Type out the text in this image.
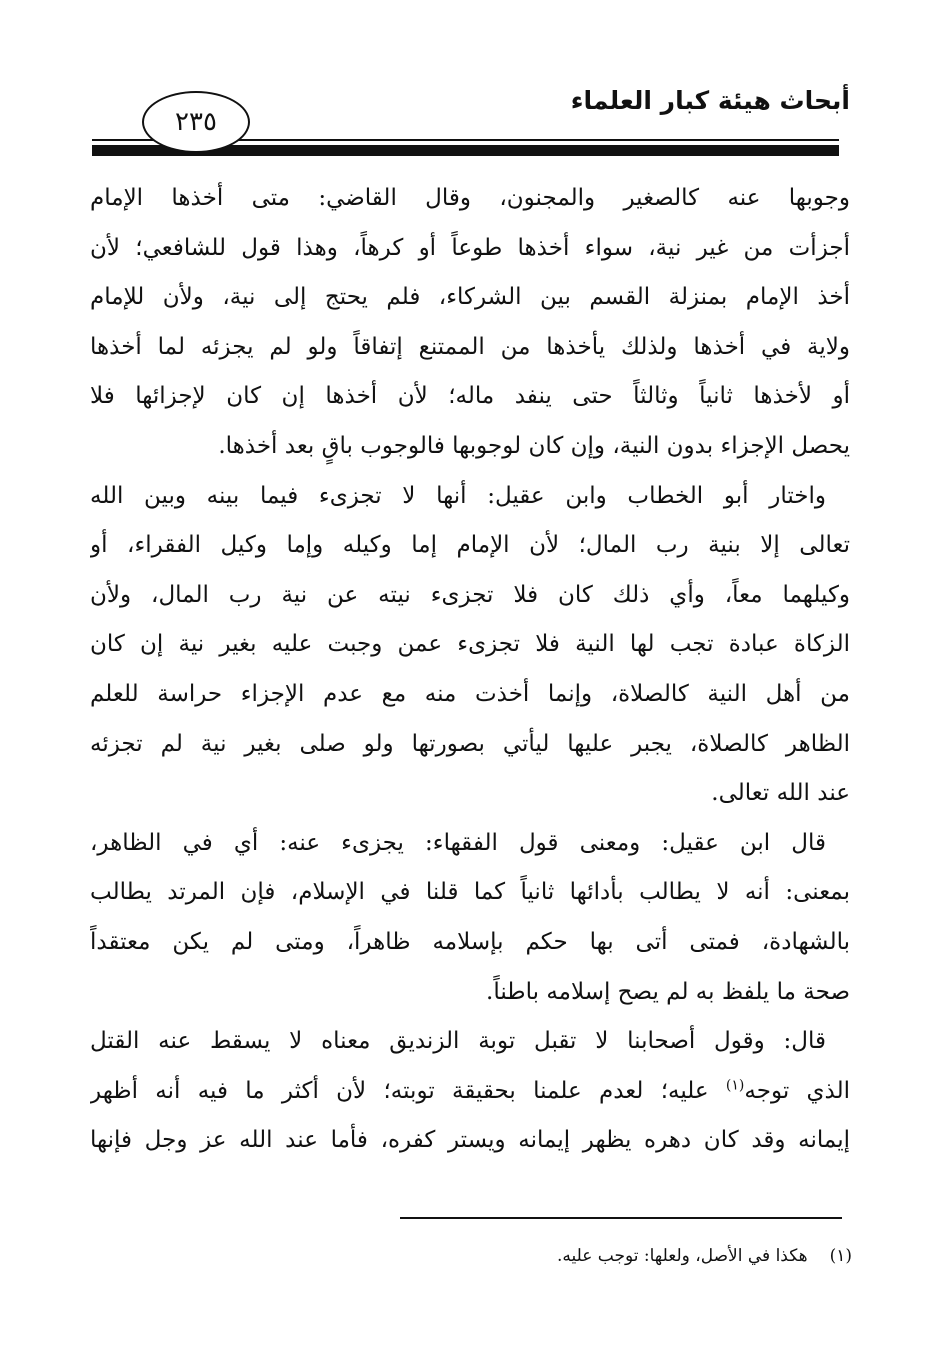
أبحاث هيئة كبار العلماء
٢٣٥
وجوبها عنه كالصغير والمجنون، وقال القاضي: متى أخذها الإمام
أجزأت من غير نية، سواء أخذها طوعاً أو كرهاً، وهذا قول للشافعي؛ لأن
أخذ الإمام بمنزلة القسم بين الشركاء، فلم يحتج إلى نية، ولأن للإمام
ولاية في أخذها ولذلك يأخذها من الممتنع إتفاقاً ولو لم يجزئه لما أخذها
أو لأخذها ثانياً وثالثاً حتى ينفد ماله؛ لأن أخذها إن كان لإجزائها فلا
يحصل الإجزاء بدون النية، وإن كان لوجوبها فالوجوب باقٍ بعد أخذها.
واختار أبو الخطاب وابن عقيل: أنها لا تجزىء فيما بينه وبين الله
تعالى إلا بنية رب المال؛ لأن الإمام إما وكيله وإما وكيل الفقراء، أو
وكيلهما معاً، وأي ذلك كان فلا تجزىء نيته عن نية رب المال، ولأن
الزكاة عبادة تجب لها النية فلا تجزىء عمن وجبت عليه بغير نية إن كان
من أهل النية كالصلاة، وإنما أخذت منه مع عدم الإجزاء حراسة للعلم
الظاهر كالصلاة، يجبر عليها ليأتي بصورتها ولو صلى بغير نية لم تجزئه
عند الله تعالى.
قال ابن عقيل: ومعنى قول الفقهاء: يجزىء عنه: أي في الظاهر،
بمعنى: أنه لا يطالب بأدائها ثانياً كما قلنا في الإسلام، فإن المرتد يطالب
بالشهادة، فمتى أتى بها حكم بإسلامه ظاهراً، ومتى لم يكن معتقداً
صحة ما يلفظ به لم يصح إسلامه باطناً.
قال: وقول أصحابنا لا تقبل توبة الزنديق معناه لا يسقط عنه القتل
الذي توجه$^{(١)}$ عليه؛ لعدم علمنا بحقيقة توبته؛ لأن أكثر ما فيه أنه أظهر
إيمانه وقد كان دهره يظهر إيمانه ويستر كفره، فأما عند الله عز وجل فإنها
(١)هكذا في الأصل، ولعلها: توجب عليه.
